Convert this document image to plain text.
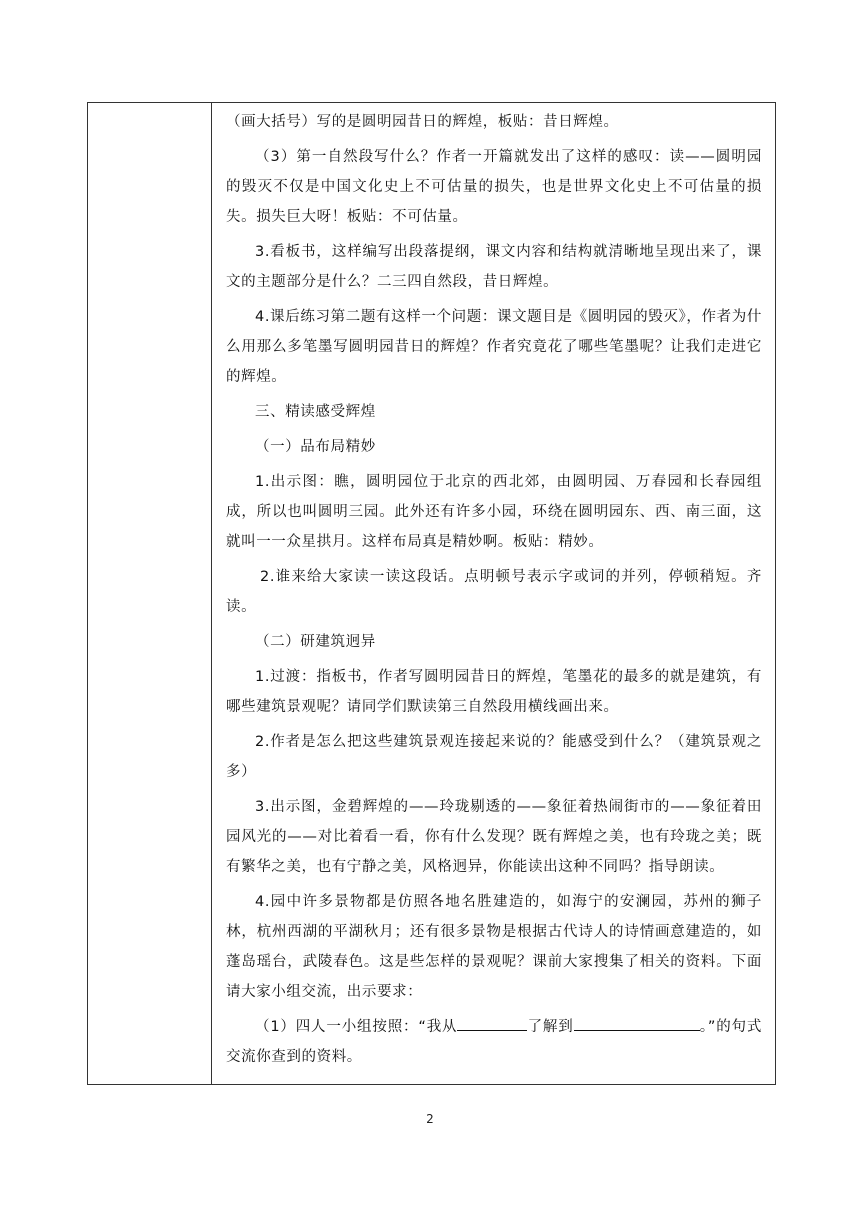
（画大括号）写的是圆明园昔日的辉煌，板贴：昔日辉煌。

（3）第一自然段写什么？作者一开篇就发出了这样的感叹：读——圆明园的毁灭不仅是中国文化史上不可估量的损失，也是世界文化史上不可估量的损失。损失巨大呀！板贴：不可估量。

3.看板书，这样编写出段落提纲，课文内容和结构就清晰地呈现出来了，课文的主题部分是什么？二三四自然段，昔日辉煌。

4.课后练习第二题有这样一个问题：课文题目是《圆明园的毁灭》，作者为什么用那么多笔墨写圆明园昔日的辉煌？作者究竟花了哪些笔墨呢？让我们走进它的辉煌。

三、精读感受辉煌

（一）品布局精妙

1.出示图：瞧，圆明园位于北京的西北郊，由圆明园、万春园和长春园组成，所以也叫圆明三园。此外还有许多小园，环绕在圆明园东、西、南三面，这就叫一一众星拱月。这样布局真是精妙啊。板贴：精妙。

2.谁来给大家读一读这段话。点明顿号表示字或词的并列，停顿稍短。齐读。

（二）研建筑迥异

1.过渡：指板书，作者写圆明园昔日的辉煌，笔墨花的最多的就是建筑，有哪些建筑景观呢？请同学们默读第三自然段用横线画出来。

2.作者是怎么把这些建筑景观连接起来说的？能感受到什么？（建筑景观之多）

3.出示图，金碧辉煌的——玲珑剔透的——象征着热闹街市的——象征着田园风光的——对比着看一看，你有什么发现？既有辉煌之美，也有玲珑之美；既有繁华之美，也有宁静之美，风格迥异，你能读出这种不同吗？指导朗读。

4.园中许多景物都是仿照各地名胜建造的，如海宁的安澜园，苏州的狮子林，杭州西湖的平湖秋月；还有很多景物是根据古代诗人的诗情画意建造的，如蓬岛瑶台，武陵春色。这是些怎样的景观呢？课前大家搜集了相关的资料。下面请大家小组交流，出示要求：

（1）四人一小组按照：“我从	了解到	。”的句式交流你查到的资料。

2
